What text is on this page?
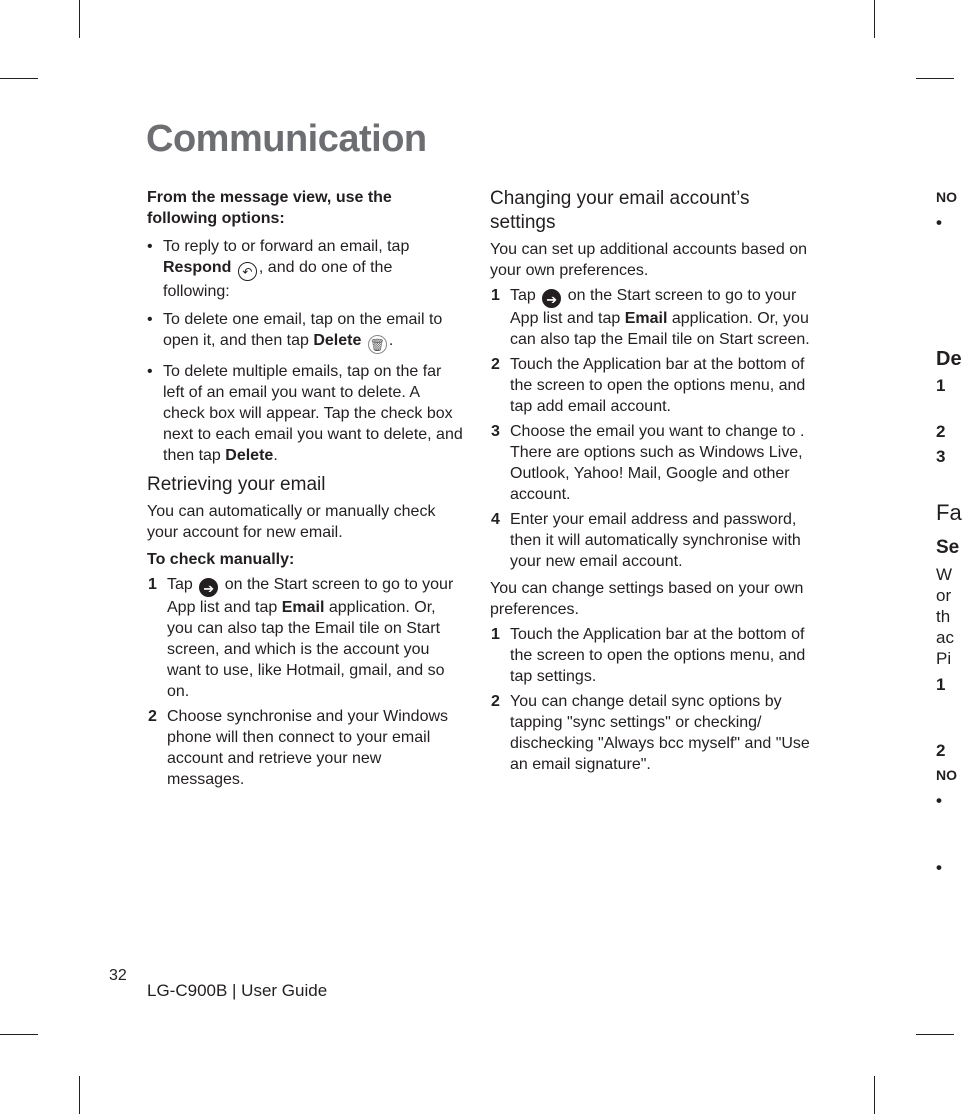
Communication
From the message view, use the following options:
• To reply to or forward an email, tap Respond ↶ , and do one of the following:
• To delete one email, tap on the email to open it, and then tap Delete 🗑 .
• To delete multiple emails, tap on the far left of an email you want to delete. A check box will appear. Tap the check box next to each email you want to delete, and then tap Delete.
Retrieving your email

You can automatically or manually check your account for new email.

To check manually:
1 Tap ➔ on the Start screen to go to your App list and tap Email application. Or, you can also tap the Email tile on Start screen, and which is the account you want to use, like Hotmail, gmail, and so on.
2 Choose synchronise and your Windows phone will then connect to your email account and retrieve your new messages.
Changing your email account’s settings

You can set up additional accounts based on your own preferences.

1 Tap ➔ on the Start screen to go to your App list and tap Email application. Or, you can also tap the Email tile on Start screen.
2 Touch the Application bar at the bottom of the screen to open the options menu, and tap add email account.
3 Choose the email you want to change to . There are options such as Windows Live, Outlook, Yahoo! Mail, Google and other account.
4 Enter your email address and password, then it will automatically synchronise with your new email account.

You can change settings based on your own preferences.

1 Touch the Application bar at the bottom of the screen to open the options menu, and tap settings.
2 You can change detail sync options by tapping "sync settings" or checking/ dischecking "Always bcc myself" and "Use an email signature".
NO
•
De
1
2
3
Fa
Se
W
or
th
ac
Pi
1
2
NO
•
•
32
LG-C900B | User Guide
